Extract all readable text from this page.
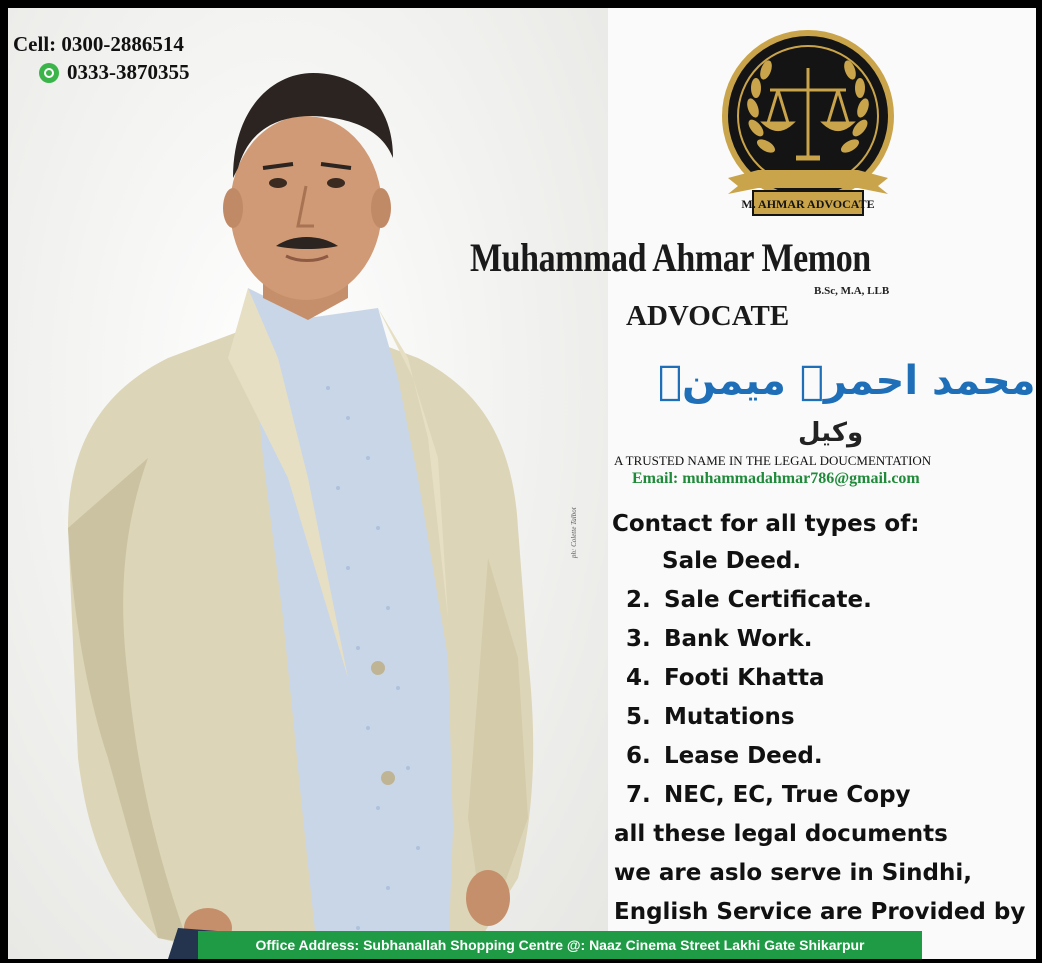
Cell: 0300-2886514
0333-3870355
M. AHMAR ADVOCATE
Muhammad Ahmar Memon
B.Sc, M.A, LLB
ADVOCATE
محمد احمرؔ میمنؔ
وکیل
A TRUSTED NAME IN THE LEGAL DOUCMENTATION
Email: muhammadahmar786@gmail.com
ph: Colette Talbot Contact for all types of:
Sale Deed.
2. Sale Certificate.
3. Bank Work.
4. Footi Khatta
5. Mutations
6. Lease Deed.
7. NEC, EC, True Copy
all these legal documents
we are aslo serve in Sindhi,
English Service are Provided by
Office Address: Subhanallah Shopping Centre @: Naaz Cinema Street Lakhi Gate Shikarpur
